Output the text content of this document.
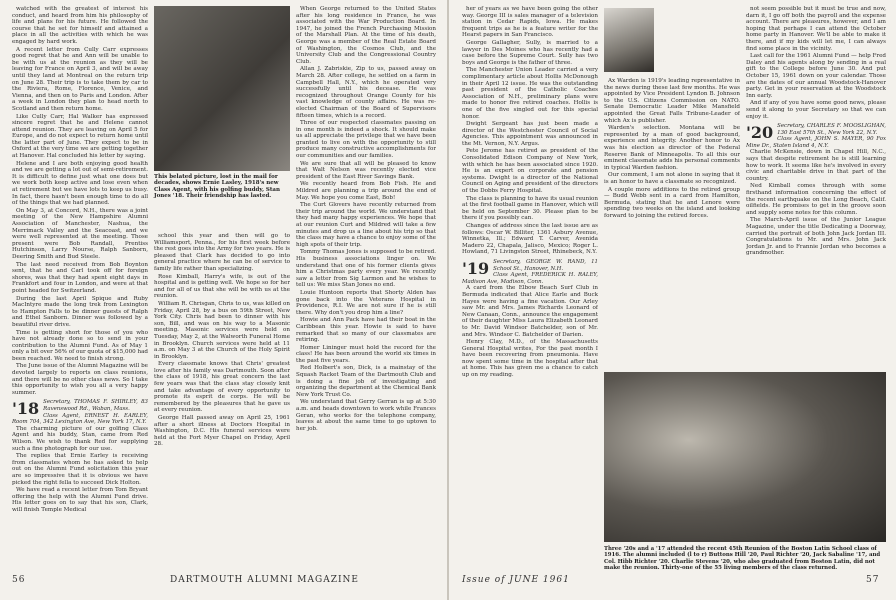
watched with the greatest of interest his conduct, and heard from him his philosophy of life and plans for his future. He followed the course that he set for himself and attained a place in all the activities with which he was engaged by hard work.

A recent letter from Cully Carr expresses good regret that he and Ann will be unable to be with us at the reunion as they will be leaving for France on April 3, and will be away until they land at Montreal on the return trip on June 28. Their trip is to take them by car to the Riviera, Rome, Florence, Venice, and Vienna, and then on to Paris and London. After a week in London they plan to head north to Scotland and then return home.

Like Cully Carr, Hal Walker has expressed sincere regret that he and Helene cannot attend reunion. They are leaving on April 5 for Europe, and do not expect to return home until the latter part of June. They expect to be in Oxford at the very time we are getting together at Hanover. Hal concluded his letter by saying.

Helene and I are both enjoying good health and we are getting a lot out of semi-retirement. It is difficult to define just what one does but we work both keep active and lose even when at retirement but we have lots to keep us busy. In fact, there hasn't been enough time to do all of the things that we had planned.

On May 3, at Concord, N.H., there was a joint meeting of the New Hampshire Alumni Association of Manchester, Nashua, the Merrimack Valley and the Seacoast, and we were well represented at the meeting. Those present were Bob Randall, Prentiss Hutchinson, Larry Nourse, Ralph Sanborn, Deering Smith and Bud Steele.

The last need received from Bob Boynton sent, that he and Carl took off for foreign shores, was that they had spent eight days in Frankfort and four in London, and were at that point headed for Switzerland.

During the last April Spique and Ruby MacIntyre made the long trek from Lexington to Hampton Falls to be dinner guests of Ralph and Ethel Sanborn. Dinner was followed by a beautiful river drive.

Time is getting short for those of you who have not already done so to send in your contribution to the Alumni Fund. As of May 1 only a bit over 56% of our quota of $15,000 had been reached. We need to finish strong.

The June issue of the Alumni Magazine will be devoted largely to reports on class reunions, and there will be no other class news. So I take this opportunity to wish you all a very happy summer.

'18 Secretary, THOMAS F. SHIRLEY, 83 Ravenswood Rd., Waban, Mass.
Class Agent, ERNEST H. EARLEY, Room 704, 342 Lexington Ave, New York 17, N.Y.

The charming picture of our golfing Class Agent and his buddy, Stan, came from Red Wilson. We wish to thank Red for supplying such a fine photograph for our use.

The replies that Ernie Earley is receiving from classmates whom he has asked to help out on the Alumni Fund solicitation this year are so impressive that it is obvious we have picked the right fella to succeed Dick Holton.

We have read a recent letter from Tom Bryant offering the help with the Alumni Fund drive. His letter goes on to say that his son, Clark, will finish Temple Medical

This belated picture, lost in the mail for decades, shows Ernie Lasley, 1918's new Class Agent, with his golfing buddy, Stan Jones '18. Their friendship has lasted.

school this year and then will go to Williamsport, Penna., for his first week before the rest goes into the Army for two years. He is pleased that Clark has decided to go into general practice where he can be of service to family life rather than specializing.

Rose Kimball, Harry's wife, is out of the hospital and is getting well. We hope so for her and for all of us that she will be with us at the reunion.

William R. Chrisgan, Chris to us, was killed on Friday, April 28, by a bus on 59th Street, New York City. Chris had been to dinner with his son, Bill, and was on his way to a Masonic meeting. Masonic services were held on Tuesday, May 2, at the Walworth Funeral Home in Brooklyn. Church services were held at 11 a.m. on May 3 at the Church of the Holy Spirit in Brooklyn.

Every classmate knows that Chris' greatest love after his family was Dartmouth. Soon after the class of 1918, his great concern the last few years was that the class stay closely knit and take advantage of every opportunity to promote its esprit de corps. He will be remembered by the pleasures that he gave us at every reunion.

George Hall passed away on April 25, 1961 after a short illness at Doctors Hospital in Washington, D.C. His funeral services were held at the Fort Myer Chapel on Friday, April 28.

When George returned to the United States after his long residence in France, he was associated with the War Production Board. In 1947, he joined the French Purchasing Mission of the Marshall Plan. At the time of his death, George was a member of the Real Estate Board of Washington, the Cosmos Club, and the University Club and the Congressional Country Club.

Allan J. Zabriskie, Zip to us, passed away on March 28. After college, he settled on a farm in Campbell Hall, N.Y., which he operated very successfully until his decease. He was recognized throughout Orange County for his vast knowledge of county affairs. He was re-elected Chairman of the Board of Supervisors fifteen times, which is a record.

Three of our respected classmates passing on in one month is indeed a shock. It should make us all appreciate the privilege that we have been granted to live on with the opportunity to still produce many constructive accomplishments for our communities and our families.

We are sure that all will be pleased to know that Walt Nelson was recently elected vice president of the East River Savings Bank.

We recently heard from Bob Fish. He and Mildred are planning a trip around the end of May. We hope you come East, Bob!

The Curt Glovers have recently returned from their trip around the world. We understand that they had many happy experiences. We hope that at our reunion Curt and Mildred will take a few minutes and drop us a line about his trip so that the class may have a chance to enjoy some of the high spots of their trip.

Tommy Thomas Jones is supposed to be retired. His business associations linger on. We understand that one of his former clients gives him a Christmas party every year. We recently saw a letter from Sig Larmon and he wishes to tell us: We miss Stan Jones no end.

Louie Huntoon reports that Shorty Alden has gone back into the Veterans Hospital in Providence, R.I. We are not sure if he is still there. Why don't you drop him a line?

Howie and Ann Pack have had their boat in the Caribbean this year. Howie is said to have remarked that so many of our classmates are retiring.

Homer Lininger must hold the record for the class! He has been around the world six times in the past five years.

Red Holbert's son, Dick, is a mainstay of the Squash Racket Team of the Dartmouth Club and is doing a fine job of investigating and organizing the department at the Chemical Bank New York Trust Co.

We understand that Gerry Gerran is up at 5:30 a.m. and heads downtown to work while Frances Geran, who works for the telephone company, leaves at about the same time to go uptown to her job.

56	DARTMOUTH ALUMNI MAGAZINE

her of years as we have been going the other way. George III is sales manager of a television station in Cedar Rapids, Iowa. He makes frequent trips as he is a feature writer for the Hearst papers in San Francisco.

George Gallagher, Sully, is married to a lawyer in Des Moines who has recently had a case before the Supreme Court. Sully has two boys and George is the father of three.

The Manchester Union Leader carried a very complimentary article about Hollis McDonough in their April 12 issue. He was the outstanding past president of the Catholic Coaches Association of N.H., preliminary plans were made to honor five retired coaches. Hollis is one of the five singled out for this special honor.

Dwight Sergeant has just been made a director of the Westchester Council of Social Agencies. This appointment was announced in the Mt. Vernon, N.Y. Argus.

Pete Jerome has retired as president of the Consolidated Edison Company of New York, with which he has been associated since 1920. He is an expert on corporate and pension systems. Dwight is a director of the National Council on Aging and president of the directors of the Dobbs Ferry Hospital.

The class is planning to have its usual reunion at the first football game in Hanover, which will be held on September 30. Please plan to be there if you possibly can.

Changes of address since the last issue are as follows: Oscar W. Billiter, 1361 Asbury Avenue, Winnetka, Ill.; Edward T. Carver, Avenida Madero 22, Chapala, Jalisco, Mexico; Roger L. Howland, 71 Livingston Street, Rhinebeck, N.Y.

'19 Secretary, GEORGE W. RAND, 11 School St., Hanover, N.H.
Class Agent, FREDERICK H. RALEY, Madison Ave, Madison, Conn.

A card from the Elbow Beach Surf Club in Bermuda indicated that Alice Earle and Buck Hayes were having a fine vacation. Our Arley saw Mr. and Mrs. James Richards Leonard of New Canaan, Conn., announce the engagement of their daughter Miss Laura Elizabeth Leonard to Mr. David Windsor Batchelder, son of Mr. and Mrs. Windsor C. Batchelder of Darien.

Henry Clay, M.D., of the Massachusetts General Hospital writes, For the past month I have been recovering from pneumonia. Have now spent some time in the hospital after that at home. This has given me a chance to catch up on my reading.

Ax Warden is 1919's leading representative in the news during these last few months. He was appointed by Vice President Lyndon B. Johnson to the U.S. Citizens Commission on NATO. Senate Democratic Leader Mike Mansfield appointed the Great Falls Tribune-Leader of which Ax is publisher.

Warden's selection. Montana will be represented by a man of good background, experience and integrity. Another honor to Ax was his election as director of the Federal Reserve Bank of Minneapolis. To all this our eminent classmate adds his personal comments in typical Warden fashion.

Our comment, I am not alone in saying that it is an honor to have a classmate so recognized.

A couple more additions to the retired group — Budd Webb sent in a card from Hamilton, Bermuda, stating that he and Lenore were spending two weeks on the island and looking forward to joining the retired forces.

not seem possible but it must be true and now, darn it, I go off both the payroll and the expense account. There are pleasures, however, and I am hoping that perhaps I can attend the October home party in Hanover. We'll be able to make it there, and if my kids will let me, I can always find some place in the vicinity.

Last call for the 1961 Alumni Fund — help Fred Daley and his agents along by sending in a real gift to the College before June 30. And put October 15, 1961 down on your calendar. Those are the dates of our annual Woodstock-Hanover party. Get in your reservation at the Woodstock Inn early.

And if any of you have some good news, please send it along to your Secretary so that we can enjoy it.

'20 Secretary, CHARLES F. MOOSLIGHAN, 130 East 57th St., New York 22, N.Y.
Class Agent, JOHN S. MAYER, 90 Fox Mine Dr., Staten Island 4, N.Y.

Charlie McKensie, down in Chapel Hill, N.C., says that despite retirement he is still learning how to work. It seems like he's involved in every civic and charitable drive in that part of the country.

Ned Kimball comes through with some firsthand information concerning the effect of the recent earthquake on the Long Beach, Calif. oilfields. He promises to get in the groove soon and supply some notes for this column.

The March-April issue of the Junior League Magazine, under the title Dedicating a Doorway, carried the portrait of both John Jack Jordan III. Congratulations to Mr. and Mrs. John Jack Jordan Jr. and to Frannie Jordan who becomes a grandmother.

Three '20s and a '17 attended the recent 45th Reunion of the Boston Latin School class of 1916. The alumni included (l to r) Buttons Hill '20, Paul Richter '20, Jack Sabaline '17, and Col. Hibb Richter '20. Charlie Stevens '20, who also graduated from Boston Latin, did not make the reunion. Thirty-one of the 55 living members of the class returned.
Issue of JUNE 1961	57
